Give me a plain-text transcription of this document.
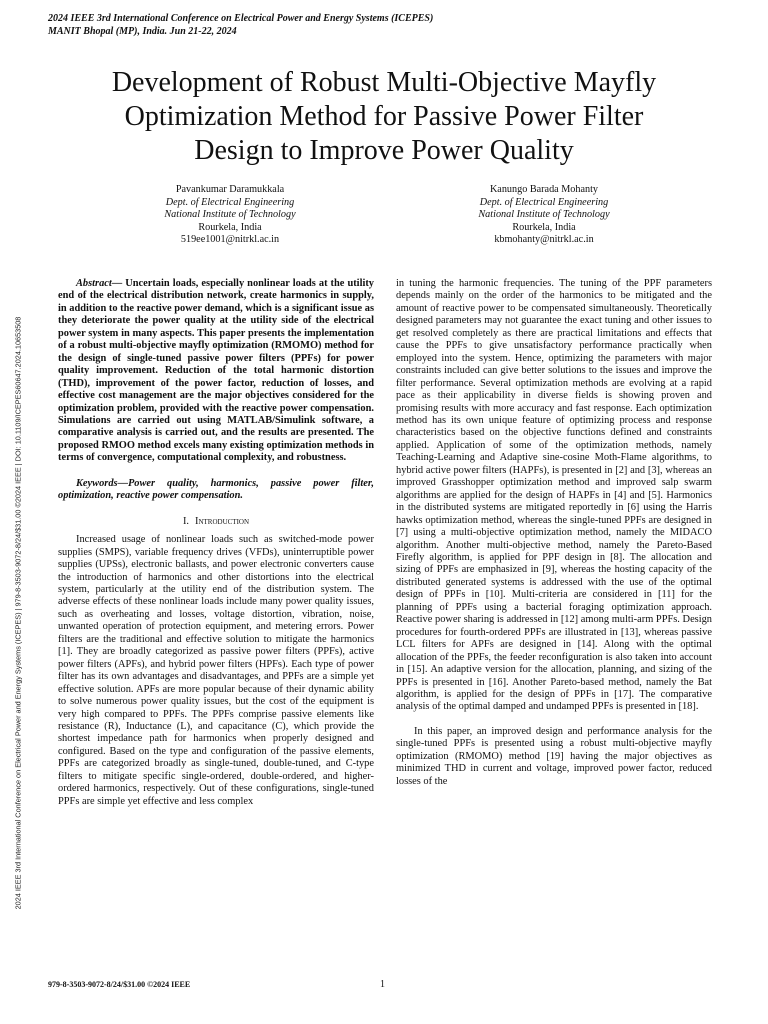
2024 IEEE 3rd International Conference on Electrical Power and Energy Systems (ICEPES)
MANIT Bhopal (MP), India. Jun 21-22, 2024
Development of Robust Multi-Objective Mayfly
Optimization Method for Passive Power Filter
Design to Improve Power Quality
Pavankumar Daramukkala
Dept. of Electrical Engineering
National Institute of Technology
Rourkela, India
519ee1001@nitrkl.ac.in
Kanungo Barada Mohanty
Dept. of Electrical Engineering
National Institute of Technology
Rourkela, India
kbmohanty@nitrkl.ac.in
2024 IEEE 3rd International Conference on Electrical Power and Energy Systems (ICEPES) | 979-8-3503-9072-8/24/$31.00 ©2024 IEEE | DOI: 10.1109/ICEPES60647.2024.10653508

Abstract— Uncertain loads, especially nonlinear loads at the utility end of the electrical distribution network, create harmonics in supply, in addition to the reactive power demand, which is a significant issue as they deteriorate the power quality at the utility side of the electrical power system in many aspects. This paper presents the implementation of a robust multi-objective mayfly optimization (RMOMO) method for the design of single-tuned passive power filters (PPFs) for power quality improvement. Reduction of the total harmonic distortion (THD), improvement of the power factor, reduction of losses, and effective cost management are the major objectives considered for the optimization problem, provided with the reactive power compensation. Simulations are carried out using MATLAB/Simulink software, a comparative analysis is carried out, and the results are presented. The proposed RMOO method excels many existing optimization methods in terms of convergence, computational complexity, and robustness.

Keywords—Power quality, harmonics, passive power filter, optimization, reactive power compensation.

I. Introduction

Increased usage of nonlinear loads such as switched-mode power supplies (SMPS), variable frequency drives (VFDs), uninterruptible power supplies (UPSs), electronic ballasts, and power electronic converters cause the introduction of harmonics and other distortions into the electrical system, particularly at the utility end of the distribution system. The adverse effects of these nonlinear loads include many power quality issues, such as overheating and losses, voltage distortion, vibration, noise, unwanted operation of protection equipment, and metering errors. Power filters are the traditional and effective solution to mitigate the harmonics [1]. They are broadly categorized as passive power filters (PPFs), active power filters (APFs), and hybrid power filters (HPFs). Each type of power filter has its own advantages and disadvantages, and PPFs are a simple yet effective solution. APFs are more popular because of their dynamic ability to solve numerous power quality issues, but the cost of the equipment is very high compared to PPFs. The PPFs comprise passive elements like resistance (R), Inductance (L), and capacitance (C), which provide the shortest impedance path for harmonics when properly designed and configured. Based on the type and configuration of the passive elements, PPFs are categorized broadly as single-tuned, double-tuned, and C-type filters to mitigate specific single-ordered, double-ordered, and higher-ordered harmonics, respectively. Out of these configurations, single-tuned PPFs are simple yet effective and less complex

in tuning the harmonic frequencies. The tuning of the PPF parameters depends mainly on the order of the harmonics to be mitigated and the amount of reactive power to be compensated simultaneously. Theoretically designed parameters may not guarantee the exact tuning and other issues to get resolved completely as there are practical limitations and effects that cause the PPFs to give unsatisfactory performance practically when employed into the system. Hence, optimizing the parameters with major constraints included can give better solutions to the issues and improve the filter performance. Several optimization methods are evolving at a rapid pace as their applicability in diverse fields is showing proven and promising results with more accuracy and fast response. Each optimization method has its own unique feature of optimizing process and response characteristics based on the objective functions defined and constraints applied. Application of some of the optimization methods, namely Teaching-Learning and Adaptive sine-cosine Moth-Flame algorithms, to hybrid active power filters (HAPFs), is presented in [2] and [3], whereas an improved Grasshopper optimization method and improved salp swarm algorithms are applied for the design of HAPFs in [4] and [5]. Harmonics in the distributed systems are mitigated reportedly in [6] using the Harris hawks optimization method, whereas the single-tuned PPFs are designed in [7] using a multi-objective optimization method, namely the MIDACO algorithm. Another multi-objective method, namely the Pareto-Based Firefly algorithm, is applied for PPF design in [8]. The allocation and sizing of PPFs are emphasized in [9], whereas the hosting capacity of the distributed generated systems is addressed with the use of the optimal design of PPFs in [10]. Multi-criteria are considered in [11] for the planning of PPFs using a bacterial foraging optimization approach. Reactive power sharing is addressed in [12] among multi-arm PPFs. Design procedures for fourth-ordered PPFs are illustrated in [13], whereas passive LCL filters for APFs are designed in [14]. Along with the optimal allocation of the PPFs, the feeder reconfiguration is also taken into account in [15]. An adaptive version for the allocation, planning, and sizing of the PPFs is presented in [16]. Another Pareto-based method, namely the Bat algorithm, is applied for the design of PPFs in [17]. The comparative analysis of the optimal damped and undamped PPFs is presented in [18].

In this paper, an improved design and performance analysis for the single-tuned PPFs is presented using a robust multi-objective mayfly optimization (RMOMO) method [19] having the major objectives as minimized THD in current and voltage, improved power factor, reduced losses of the

979-8-3503-9072-8/24/$31.00 ©2024 IEEE	1
